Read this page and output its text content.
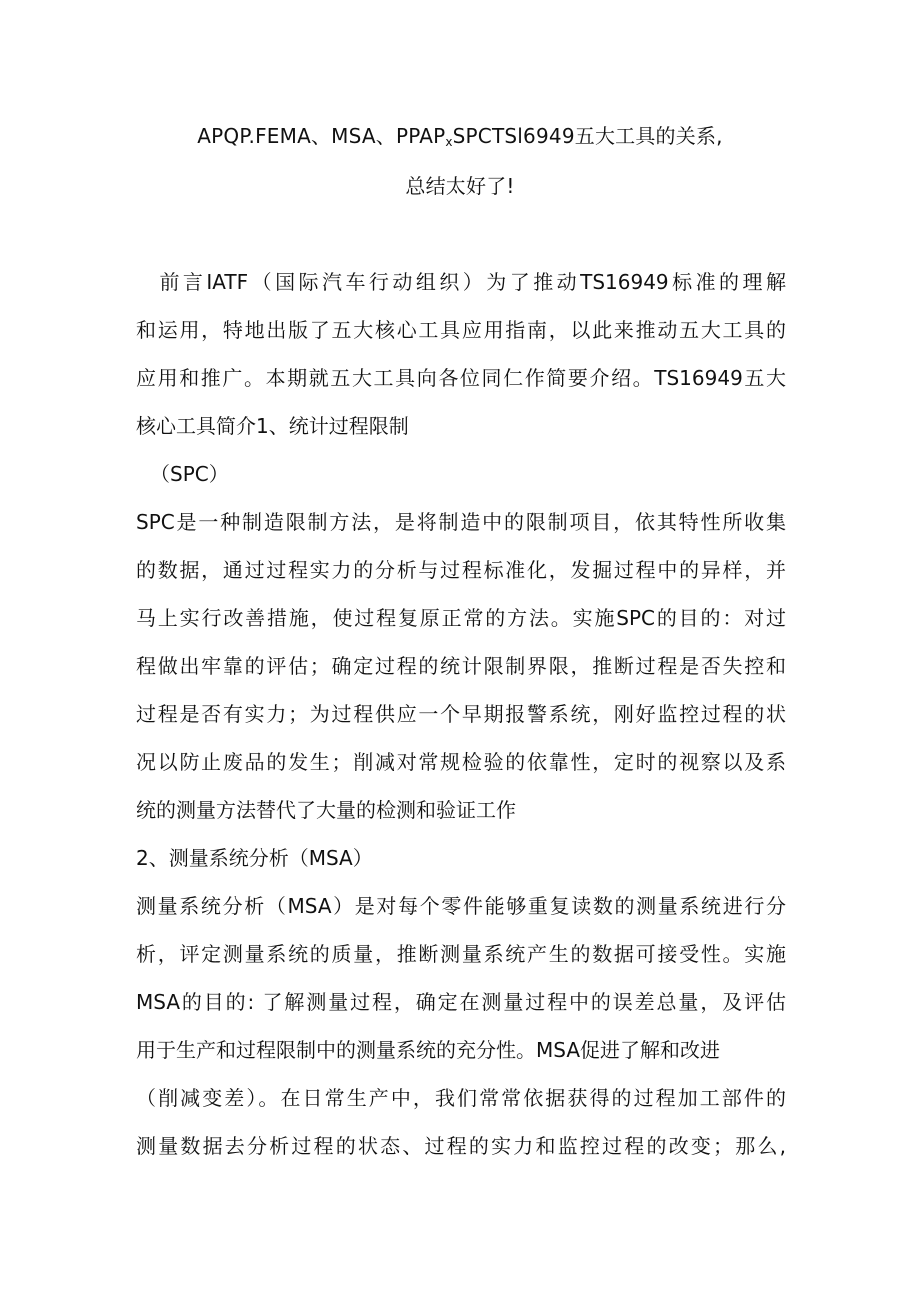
APQP.FEMA、MSA、$PPAP_xSPCTSl6949$五大工具的关系,
总结太好了!
　前言IATF（国际汽车行动组织）为了推动TS16949标准的理解
和运用，特地出版了五大核心工具应用指南，以此来推动五大工具的
应用和推广。本期就五大工具向各位同仁作简要介绍。TS16949五大
核心工具简介1、统计过程限制
（SPC）
SPC是一种制造限制方法，是将制造中的限制项目，依其特性所收集
的数据，通过过程实力的分析与过程标准化，发掘过程中的异样，并
马上实行改善措施，使过程复原正常的方法。实施SPC的目的：对过
程做出牢靠的评估；确定过程的统计限制界限，推断过程是否失控和
过程是否有实力；为过程供应一个早期报警系统，刚好监控过程的状
况以防止废品的发生；削减对常规检验的依靠性，定时的视察以及系
统的测量方法替代了大量的检测和验证工作
2、测量系统分析（MSA）
测量系统分析（MSA）是对每个零件能够重复读数的测量系统进行分
析，评定测量系统的质量，推断测量系统产生的数据可接受性。实施
MSA的目的: 了解测量过程，确定在测量过程中的误差总量，及评估
用于生产和过程限制中的测量系统的充分性。MSA促进了解和改进
（削减变差）。在日常生产中，我们常常依据获得的过程加工部件的
测量数据去分析过程的状态、过程的实力和监控过程的改变；那么,
